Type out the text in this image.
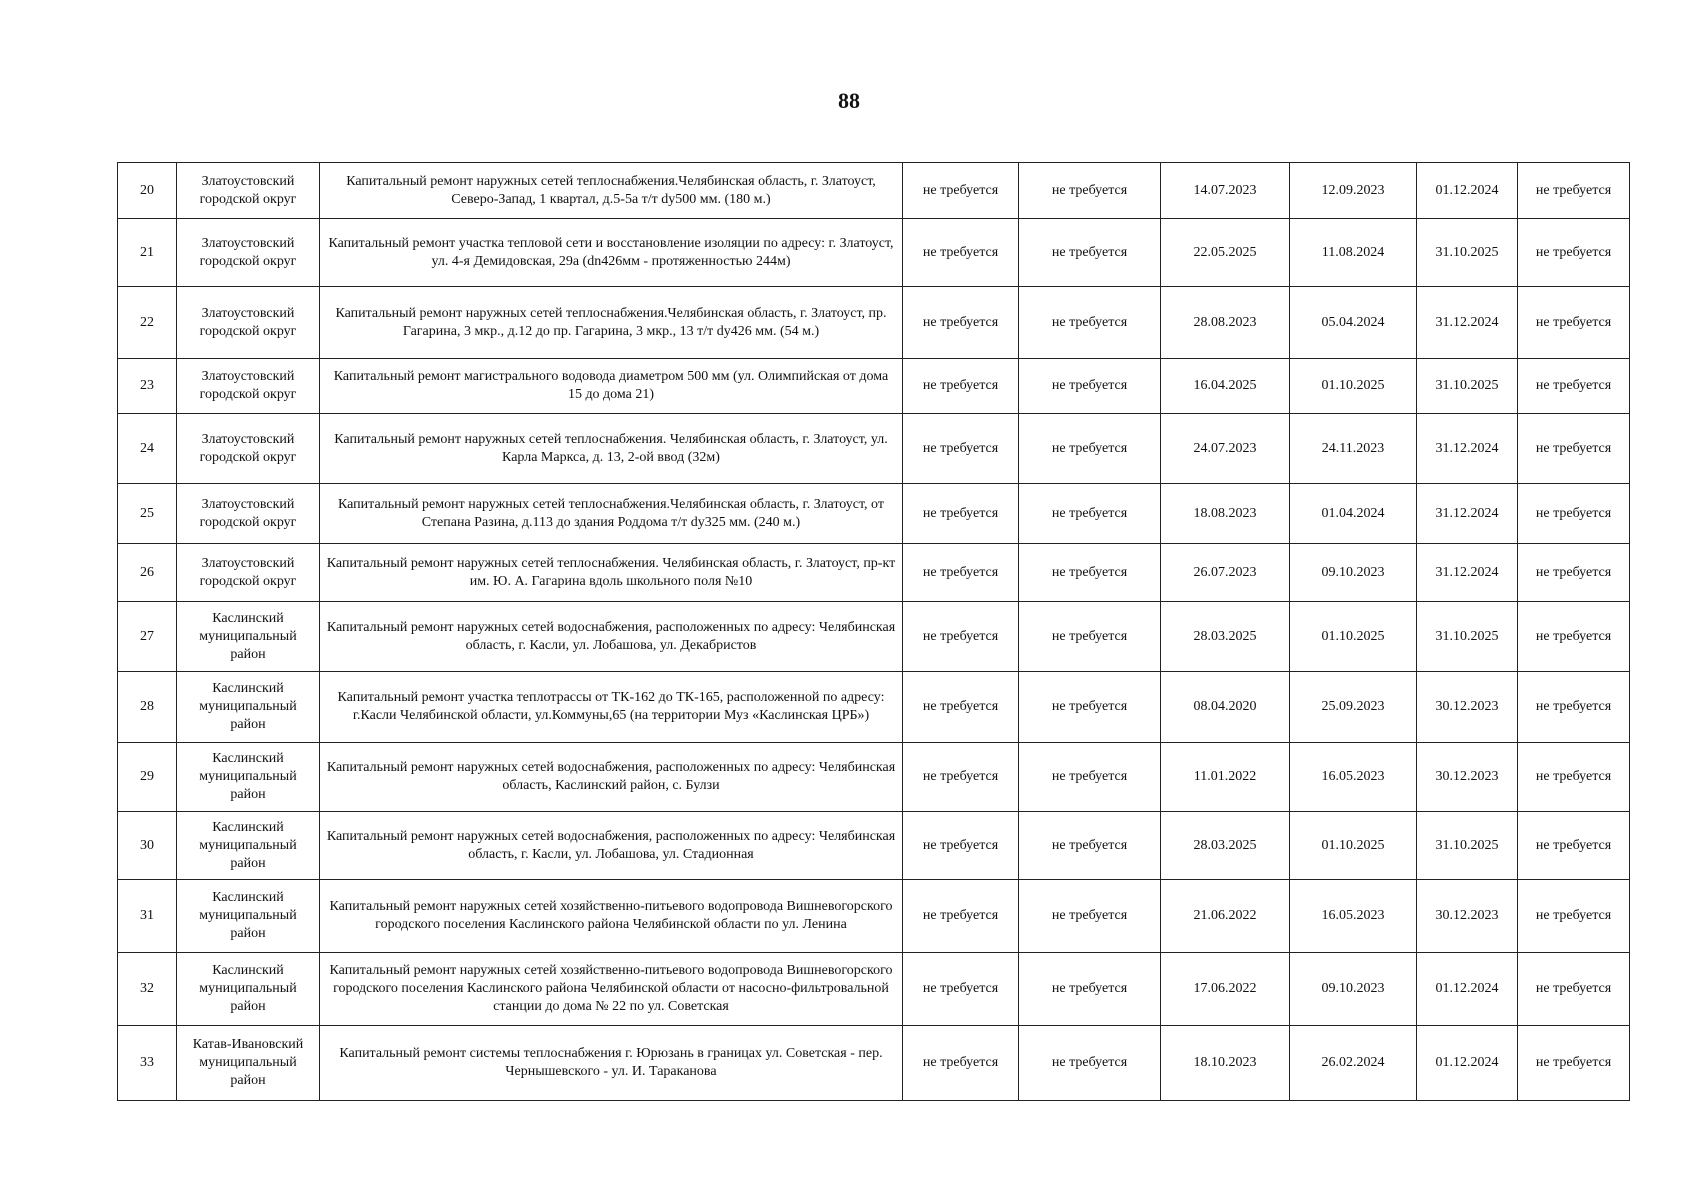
88
20	Златоустовский городской округ	Капитальный ремонт наружных сетей теплоснабжения.Челябинская область, г. Златоуст, Северо-Запад, 1 квартал, д.5-5а т/т dy500 мм. (180 м.)	не требуется	не требуется	14.07.2023	12.09.2023	01.12.2024	не требуется
21	Златоустовский городской округ	Капитальный ремонт участка тепловой сети и восстановление изоляции по адресу: г. Златоуст, ул. 4-я Демидовская, 29а (dn426мм - протяженностью 244м)	не требуется	не требуется	22.05.2025	11.08.2024	31.10.2025	не требуется
22	Златоустовский городской округ	Капитальный ремонт наружных сетей теплоснабжения.Челябинская область, г. Златоуст, пр. Гагарина, 3 мкр., д.12 до пр. Гагарина, 3 мкр., 13 т/т dy426 мм. (54 м.)	не требуется	не требуется	28.08.2023	05.04.2024	31.12.2024	не требуется
23	Златоустовский городской округ	Капитальный ремонт магистрального водовода диаметром 500 мм (ул. Олимпийская от дома 15 до дома 21)	не требуется	не требуется	16.04.2025	01.10.2025	31.10.2025	не требуется
24	Златоустовский городской округ	Капитальный ремонт наружных сетей теплоснабжения. Челябинская область, г. Златоуст, ул. Карла Маркса, д. 13, 2-ой ввод (32м)	не требуется	не требуется	24.07.2023	24.11.2023	31.12.2024	не требуется
25	Златоустовский городской округ	Капитальный ремонт наружных сетей теплоснабжения.Челябинская область, г. Златоуст, от Степана Разина, д.113 до здания Роддома т/т dy325 мм. (240 м.)	не требуется	не требуется	18.08.2023	01.04.2024	31.12.2024	не требуется
26	Златоустовский городской округ	Капитальный ремонт наружных сетей теплоснабжения. Челябинская область, г. Златоуст, пр-кт им. Ю. А. Гагарина вдоль школьного поля №10	не требуется	не требуется	26.07.2023	09.10.2023	31.12.2024	не требуется
27	Каслинский муниципальный район	Капитальный ремонт наружных сетей водоснабжения, расположенных по адресу: Челябинская область, г. Касли, ул. Лобашова, ул. Декабристов	не требуется	не требуется	28.03.2025	01.10.2025	31.10.2025	не требуется
28	Каслинский муниципальный район	Капитальный ремонт участка теплотрассы от ТК-162 до ТК-165, расположенной по адресу: г.Касли Челябинской области, ул.Коммуны,65 (на территории Муз «Каслинская ЦРБ»)	не требуется	не требуется	08.04.2020	25.09.2023	30.12.2023	не требуется
29	Каслинский муниципальный район	Капитальный ремонт наружных сетей водоснабжения, расположенных по адресу: Челябинская область, Каслинский район, с. Булзи	не требуется	не требуется	11.01.2022	16.05.2023	30.12.2023	не требуется
30	Каслинский муниципальный район	Капитальный ремонт наружных сетей водоснабжения, расположенных по адресу: Челябинская область, г. Касли, ул. Лобашова, ул. Стадионная	не требуется	не требуется	28.03.2025	01.10.2025	31.10.2025	не требуется
31	Каслинский муниципальный район	Капитальный ремонт наружных сетей хозяйственно-питьевого водопровода Вишневогорского городского поселения Каслинского района Челябинской области по ул. Ленина	не требуется	не требуется	21.06.2022	16.05.2023	30.12.2023	не требуется
32	Каслинский муниципальный район	Капитальный ремонт наружных сетей хозяйственно-питьевого водопровода Вишневогорского городского поселения Каслинского района Челябинской области от насосно-фильтровальной станции до дома № 22 по ул. Советская	не требуется	не требуется	17.06.2022	09.10.2023	01.12.2024	не требуется
33	Катав-Ивановский муниципальный район	Капитальный ремонт системы теплоснабжения г. Юрюзань в границах ул. Советская - пер. Чернышевского - ул. И. Тараканова	не требуется	не требуется	18.10.2023	26.02.2024	01.12.2024	не требуется
